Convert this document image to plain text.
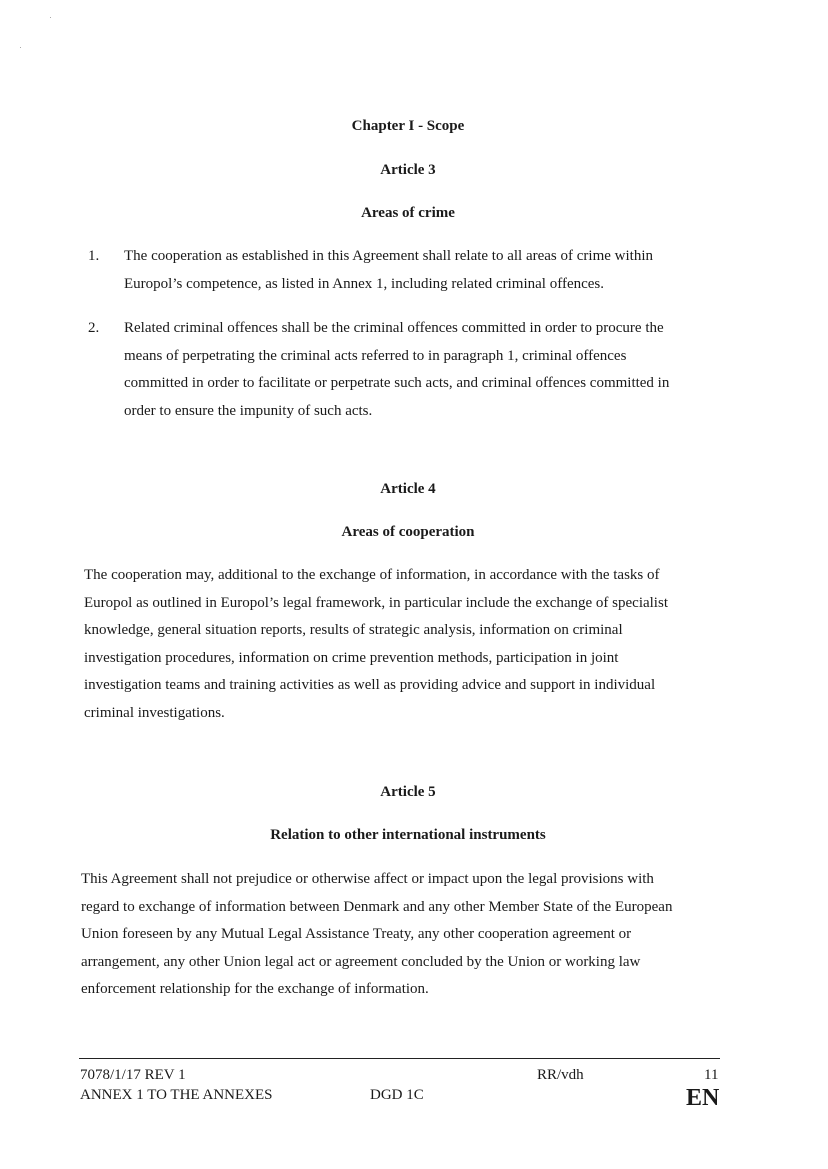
Chapter I - Scope
Article 3
Areas of crime
1. The cooperation as established in this Agreement shall relate to all areas of crime within
Europol’s competence, as listed in Annex 1, including related criminal offences.
2. Related criminal offences shall be the criminal offences committed in order to procure the
means of perpetrating the criminal acts referred to in paragraph 1, criminal offences
committed in order to facilitate or perpetrate such acts, and criminal offences committed in
order to ensure the impunity of such acts.
Article 4
Areas of cooperation
The cooperation may, additional to the exchange of information, in accordance with the tasks of
Europol as outlined in Europol’s legal framework, in particular include the exchange of specialist
knowledge, general situation reports, results of strategic analysis, information on criminal
investigation procedures, information on crime prevention methods, participation in joint
investigation teams and training activities as well as providing advice and support in individual
criminal investigations.
Article 5
Relation to other international instruments
This Agreement shall not prejudice or otherwise affect or impact upon the legal provisions with
regard to exchange of information between Denmark and any other Member State of the European
Union foreseen by any Mutual Legal Assistance Treaty, any other cooperation agreement or
arrangement, any other Union legal act or agreement concluded by the Union or working law
enforcement relationship for the exchange of information.
7078/1/17 REV 1	RR/vdh	11
ANNEX 1 TO THE ANNEXES	DGD 1C	EN
